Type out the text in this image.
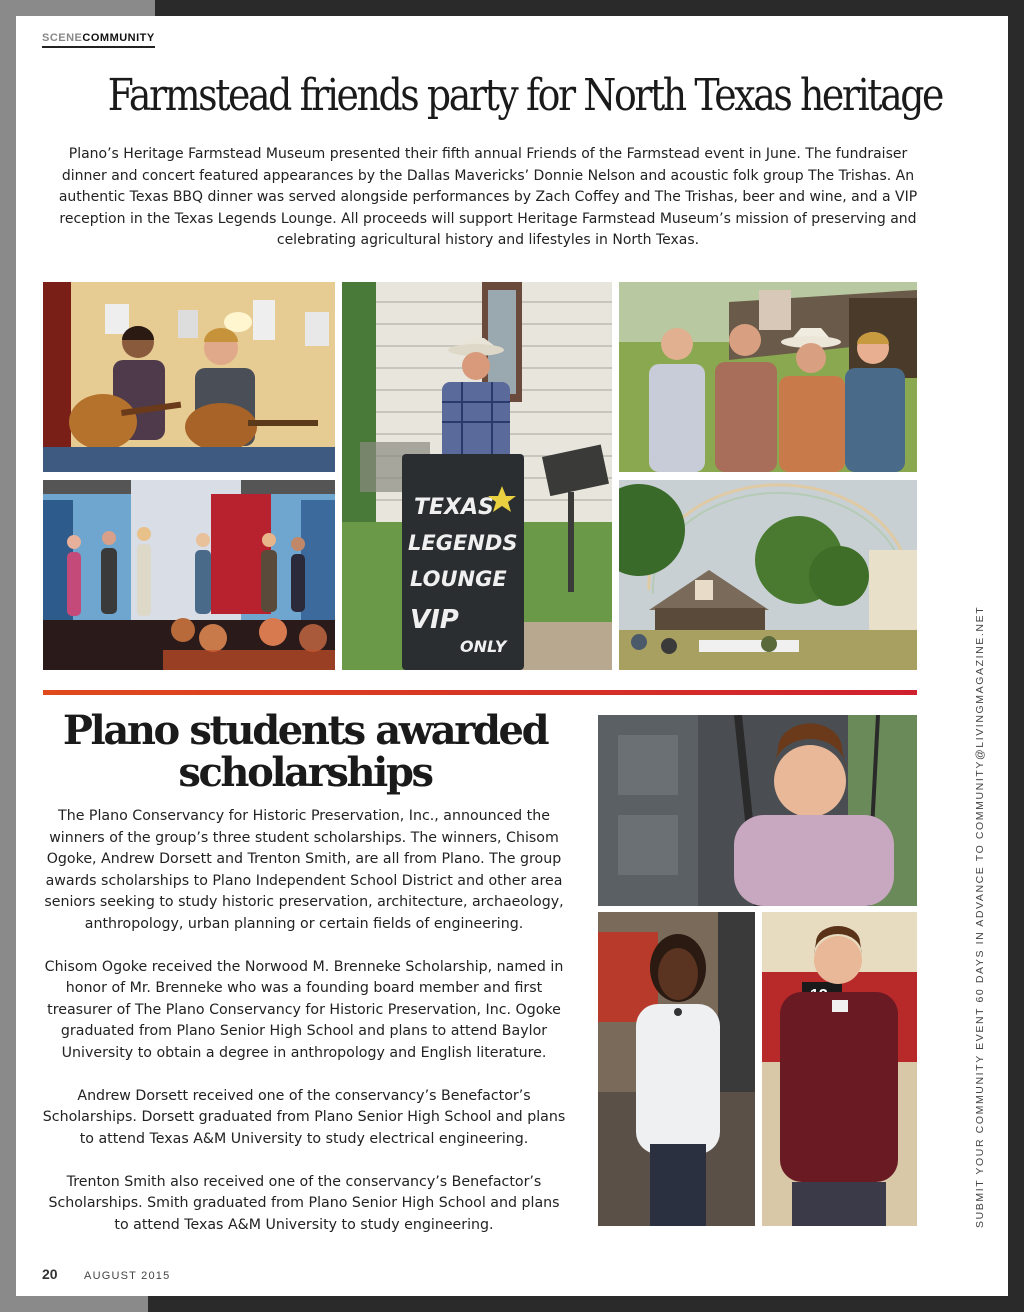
SCENECOMMUNITY
Farmstead friends party for North Texas heritage

Plano’s Heritage Farmstead Museum presented their fifth annual Friends of the Farmstead event in June. The fundraiser dinner and concert featured appearances by the Dallas Mavericks’ Donnie Nelson and acoustic folk group The Trishas. An authentic Texas BBQ dinner was served alongside performances by Zach Coffey and The Trishas, beer and wine, and a VIP reception in the Texas Legends Lounge. All proceeds will support Heritage Farmstead Museum’s mission of preserving and celebrating agricultural history and lifestyles in North Texas.

TEXAS
LEGENDS
LOUNGE
VIP
ONLY
Plano students awarded scholarships

The Plano Conservancy for Historic Preservation, Inc., announced the winners of the group’s three student scholarships. The winners, Chisom Ogoke, Andrew Dorsett and Trenton Smith, are all from Plano. The group awards scholarships to Plano Independent School District and other area seniors seeking to study historic preservation, architecture, archaeology, anthropology, urban planning or certain fields of engineering.

Chisom Ogoke received the Norwood M. Brenneke Scholarship, named in honor of Mr. Brenneke who was a founding board member and first treasurer of The Plano Conservancy for Historic Preservation, Inc. Ogoke graduated from Plano Senior High School and plans to attend Baylor University to obtain a degree in anthropology and English literature.

Andrew Dorsett received one of the conservancy’s Benefactor’s Scholarships. Dorsett graduated from Plano Senior High School and plans to attend Texas A&M University to study electrical engineering.

Trenton Smith also received one of the conservancy’s Benefactor’s Scholarships. Smith graduated from Plano Senior High School and plans to attend Texas A&M University to study engineering.	SUBMIT YOUR COMMUNITY EVENT 60 DAYS IN ADVANCE TO COMMUNITY@LIVINGMAGAZINE.NET
20 AUGUST 2015
